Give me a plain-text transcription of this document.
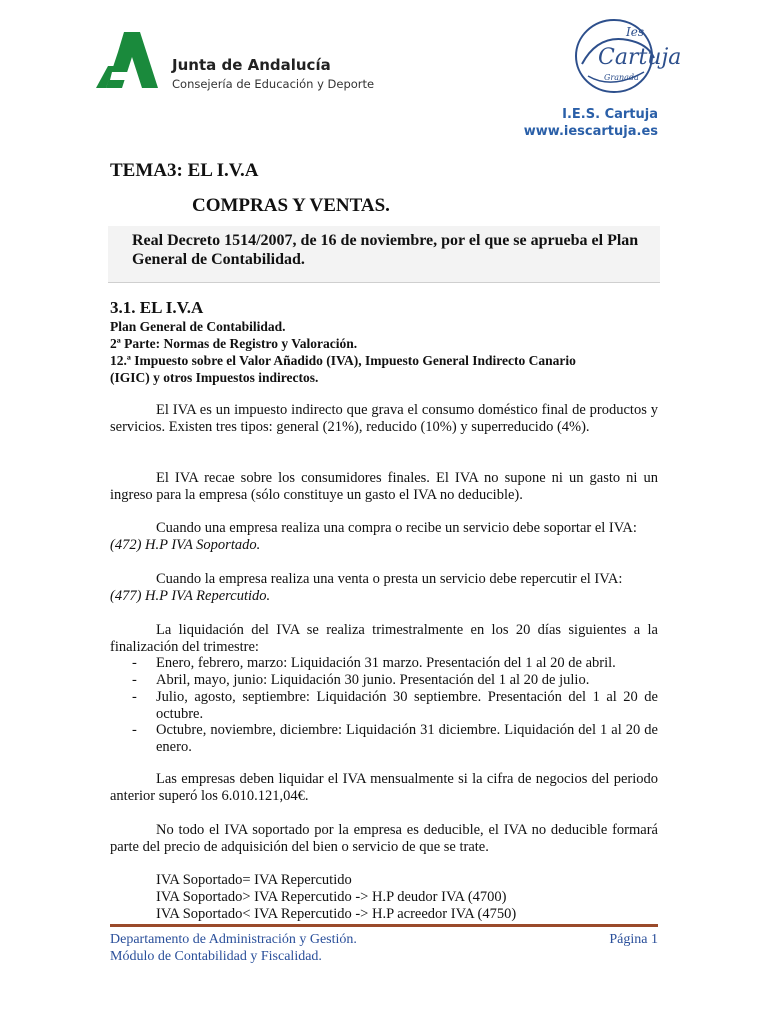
Junta de Andalucía
Consejería de Educación y Deporte
Cartuja
Ies
Granada
I.E.S. Cartuja
www.iescartuja.es
TEMA3: EL I.V.A
COMPRAS Y VENTAS.
Real Decreto 1514/2007, de 16 de noviembre, por el que se aprueba el Plan General de Contabilidad.
3.1. EL I.V.A
Plan General de Contabilidad.
2ª Parte: Normas de Registro y Valoración.
12.ª Impuesto sobre el Valor Añadido (IVA), Impuesto General Indirecto Canario
(IGIC) y otros Impuestos indirectos.
El IVA es un impuesto indirecto que grava el consumo doméstico final de productos y servicios. Existen tres tipos: general (21%), reducido (10%) y superreducido (4%).
El IVA recae sobre los consumidores finales. El IVA no supone ni un gasto ni un ingreso para la empresa (sólo constituye un gasto el IVA no deducible).
Cuando una empresa realiza una compra o recibe un servicio debe soportar el IVA:
(472) H.P IVA Soportado.
Cuando la empresa realiza una venta o presta un servicio debe repercutir el IVA:
(477) H.P IVA Repercutido.
La liquidación del IVA se realiza trimestralmente en los 20 días siguientes a la finalización del trimestre:
- Enero, febrero, marzo: Liquidación 31 marzo. Presentación del 1 al 20 de abril.
- Abril, mayo, junio: Liquidación 30 junio. Presentación del 1 al 20 de julio.
- Julio, agosto, septiembre: Liquidación 30 septiembre. Presentación del 1 al 20 de octubre.
- Octubre, noviembre, diciembre: Liquidación 31 diciembre. Liquidación del 1 al 20 de enero.
Las empresas deben liquidar el IVA mensualmente si la cifra de negocios del periodo anterior superó los 6.010.121,04€.
No todo el IVA soportado por la empresa es deducible, el IVA no deducible formará parte del precio de adquisición del bien o servicio de que se trate.
IVA Soportado= IVA Repercutido
IVA Soportado> IVA Repercutido -> H.P deudor IVA (4700)
IVA Soportado< IVA Repercutido -> H.P acreedor IVA (4750)
Departamento de Administración y Gestión.
Módulo de Contabilidad y Fiscalidad.
Página 1
